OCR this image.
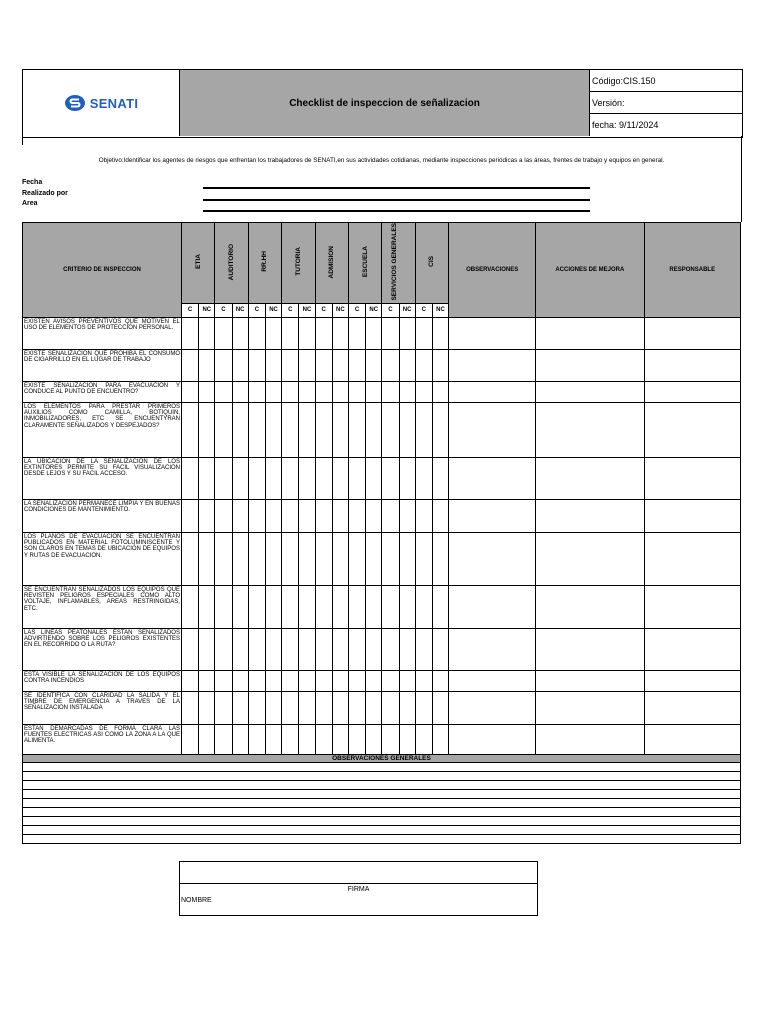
SENATI	Checklist de inspeccion de señalizacion
Código:CIS.150
Versión:
fecha: 9/11/2024
Objetivo:Identificar los agentes de riesgos que enfrentan los trabajadores de SENATI,en sus actividades cotidianas, mediante inspecciones periódicas a las áreas, frentes de trabajo y equipos en general.
Fecha
Realizado por
Area
CRITERIO DE INSPECCION	ETIA		AUDITORIO		RR.HH		TUTORIA		ADMISION		ESCUELA		SERVICIOS GENERALES		CIS		OBSERVACIONES	ACCIONES DE MEJORA	RESPONSABLE
	C	NC	C	NC	C	NC	C	NC	C	NC	C	NC	C	NC	C	NC			
EXISTEN AVISOS PREVENTIVOS QUE MOTIVEN EL USO DE ELEMENTOS DE PROTECCIÓN PERSONAL.																			
EXISTE SEÑALIZACION QUE PROHIBA EL CONSUMO DE CIGARRILLO EN EL LUGAR DE TRABAJO																			
EXISTE SEÑALIZACION PARA EVACUACION Y CONDUCE AL PUNTO DE ENCUENTRO?																			
LOS ELEMENTOS PARA PRESTAR PRIMEROS AUXILIOS COMO CAMILLA, BOTIQUIN, INMOBILIZADORES, ETC SE ENCUENTYRAN CLARAMENTE SEÑALIZADOS Y DESPEJADOS?																			
LA UBICACIÓN DE LA SEÑALIZACIÓN DE LOS EXTINTORES PERMITE SU FACIL VISUALIZACION DESDE LEJOS Y SU FACIL ACCESO.																			
LA SEÑALIZACIÓN PERMANECE LIMPIA Y EN BUENAS CONDICIONES DE MANTENIMIENTO.																			
LOS PLANOS DE EVACUACION SE ENCUENTRAN PUBLICADOS EN MATERIAL FOTOLUMINISCENTE Y SON CLAROS EN TEMAS DE UBICACIÓN DE EQUIPOS Y RUTAS DE EVACUACION.																			
SE ENCUENTRAN SEÑALIZADOS LOS EQUIPOS QUE REVISTEN PELIGROS ESPECIALES COMO ALTO VOLTAJE, INFLAMABLES, AREAS RESTRINGIDAS, ETC.																			
LAS LINEAS PEATONALES ESTAN SEÑALIZADOS ADVIRTIENDO SOBRE LOS PELIGROS EXISTENTES EN EL RECORRIDO O LA RUTA?																			
ESTA VISIBLE LA SEÑALIZACION DE LOS EQUIPOS CONTRA INCENDIOS																			
SE IDENTIFICA CON CLARIDAD LA SALIDA Y EL TIMBRE DE EMERGENCIA A TRAVES DE LA SEÑALIZACION INSTALADA																			
ESTAN DEMARCADAS DE FORMA CLARA LAS FUENTES ELECTRICAS ASI COMO LA ZONA A LA QUE ALIMENTA.																			
OBSERVACIONES GENERALES
FIRMA
NOMBRE
